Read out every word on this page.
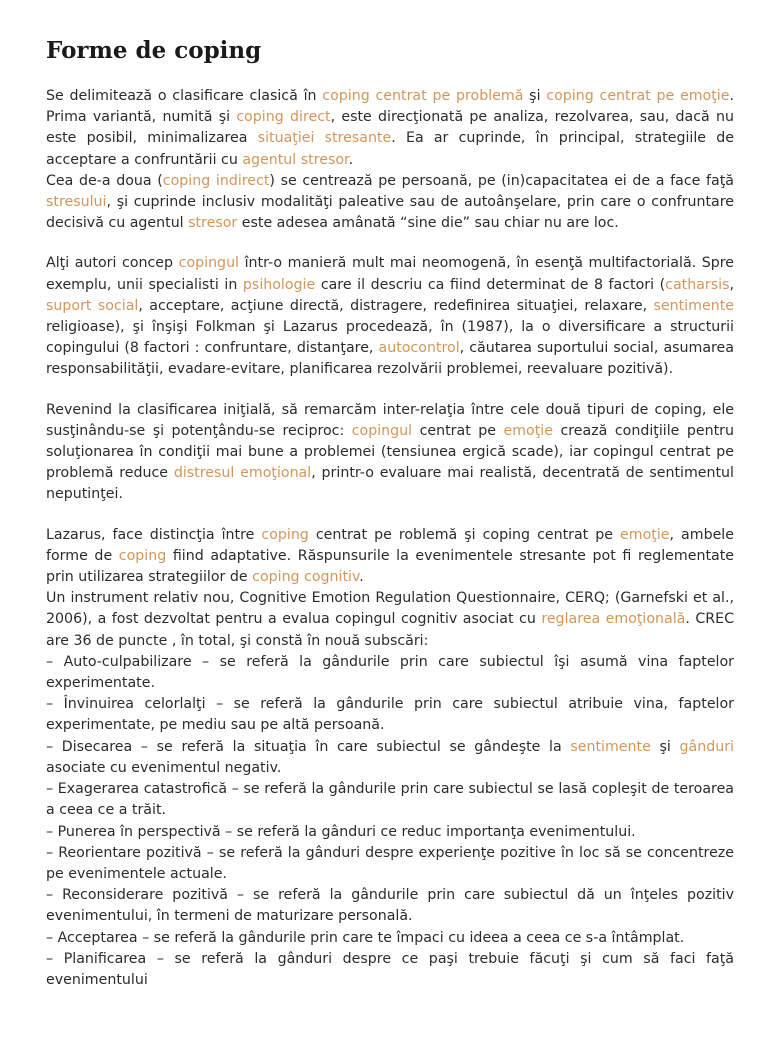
Forme de coping

Se delimitează o clasificare clasică în coping centrat pe problemă şi coping centrat pe emoţie. Prima variantă, numită şi coping direct, este direcţionată pe analiza, rezolvarea, sau, dacă nu este posibil, minimalizarea situaţiei stresante. Ea ar cuprinde, în principal, strategiile de acceptare a confruntării cu agentul stresor.
Cea de-a doua (coping indirect) se centrează pe persoană, pe (in)capacitatea ei de a face faţă stresului, şi cuprinde inclusiv modalităţi paleative sau de autoânşelare, prin care o confruntare decisivă cu agentul stresor este adesea amânată “sine die” sau chiar nu are loc.

Alţi autori concep copingul într-o manieră mult mai neomogenă, în esenţă multifactorială. Spre exemplu, unii specialisti in psihologie care il descriu ca fiind determinat de 8 factori (catharsis, suport social, acceptare, acţiune directă, distragere, redefinirea situaţiei, relaxare, sentimente religioase), şi înşişi Folkman şi Lazarus procedează, în (1987), la o diversificare a structurii copingului (8 factori : confruntare, distanţare, autocontrol, căutarea suportului social, asumarea responsabilităţii, evadare-evitare, planificarea rezolvării problemei, reevaluare pozitivă).

Revenind la clasificarea iniţială, să remarcăm inter-relaţia între cele două tipuri de coping, ele susţinându-se şi potenţându-se reciproc: copingul centrat pe emoţie crează condiţiile pentru soluţionarea în condiţii mai bune a problemei (tensiunea ergică scade), iar copingul centrat pe problemă reduce distresul emoţional, printr-o evaluare mai realistă, decentrată de sentimentul neputinţei.

Lazarus, face distincţia între coping centrat pe roblemă şi coping centrat pe emoţie, ambele forme de coping fiind adaptative. Răspunsurile la evenimentele stresante pot fi reglementate prin utilizarea strategiilor de coping cognitiv.
Un instrument relativ nou, Cognitive Emotion Regulation Questionnaire, CERQ; (Garnefski et al., 2006), a fost dezvoltat pentru a evalua copingul cognitiv asociat cu reglarea emoţională. CREC are 36 de puncte , în total, şi constă în nouă subscări:
– Auto-culpabilizare – se referă la gândurile prin care subiectul îşi asumă vina faptelor experimentate.
– Învinuirea celorlalţi – se referă la gândurile prin care subiectul atribuie vina, faptelor experimentate, pe mediu sau pe altă persoană.
– Disecarea – se referă la situaţia în care subiectul se gândeşte la sentimente şi gânduri asociate cu evenimentul negativ.
– Exagerarea catastrofică – se referă la gândurile prin care subiectul se lasă copleşit de teroarea a ceea ce a trăit.
– Punerea în perspectivă – se referă la gânduri ce reduc importanţa evenimentului.
– Reorientare pozitivă – se referă la gânduri despre experienţe pozitive în loc să se concentreze pe evenimentele actuale.
– Reconsiderare pozitivă – se referă la gândurile prin care subiectul dă un înţeles pozitiv evenimentului, în termeni de maturizare personală.
– Acceptarea – se referă la gândurile prin care te împaci cu ideea a ceea ce s-a întâmplat.
– Planificarea – se referă la gânduri despre ce paşi trebuie făcuţi şi cum să faci faţă evenimentului
